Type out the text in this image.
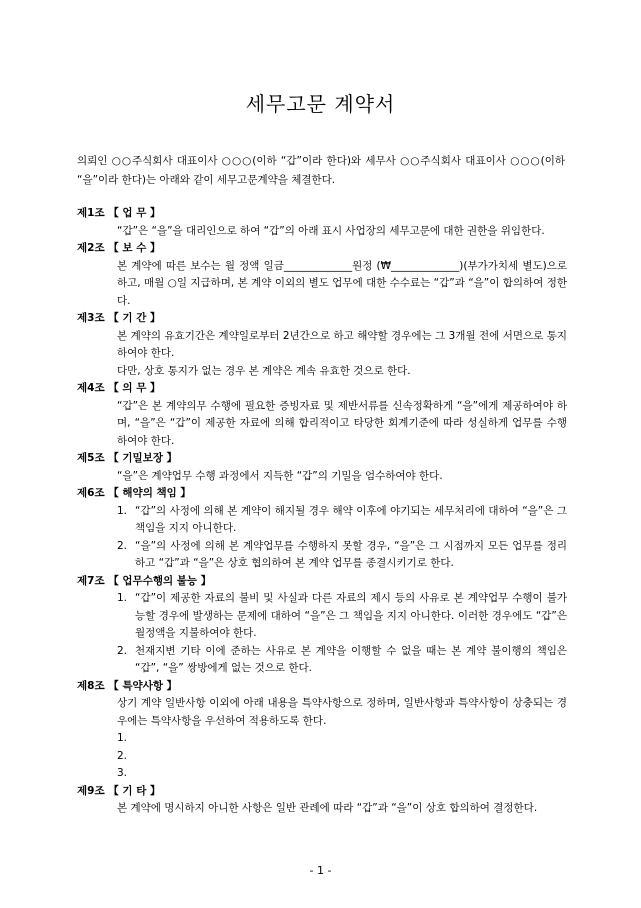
세무고문 계약서
의뢰인 ○○주식회사 대표이사 ○○○(이하 “갑”이라 한다)와 세무사 ○○주식회사 대표이사 ○○○(이하 “을”이라 한다)는 아래와 같이 세무고문계약을 체결한다.
제1조 【 업 무 】

“갑”은 “을”을 대리인으로 하여 “갑”의 아래 표시 사업장의 세무고문에 대한 권한을 위임한다.

제2조 【 보 수 】

본 계약에 따른 보수는 월 정액 일금_____________원정 (₩_____________)(부가가치세 별도)으로 하고, 매월 ○일 지급하며, 본 계약 이외의 별도 업무에 대한 수수료는 “갑”과 “을”이 합의하여 정한다.

제3조 【 기 간 】

본 계약의 유효기간은 계약일로부터 2년간으로 하고 해약할 경우에는 그 3개월 전에 서면으로 통지하여야 한다.

다만, 상호 통지가 없는 경우 본 계약은 계속 유효한 것으로 한다.

제4조 【 의 무 】

“갑”은 본 계약의무 수행에 필요한 증빙자료 및 제반서류를 신속정확하게 “을”에게 제공하여야 하며, “을”은 “갑”이 제공한 자료에 의해 합리적이고 타당한 회계기준에 따라 성실하게 업무를 수행하여야 한다.

제5조 【 기밀보장 】

“을”은 계약업무 수행 과정에서 지득한 “갑”의 기밀을 엄수하여야 한다.

제6조 【 해약의 책임 】
1. “갑”의 사정에 의해 본 계약이 해지될 경우 해약 이후에 야기되는 세무처리에 대하여 “을”은 그 책임을 지지 아니한다.
2. “을”의 사정에 의해 본 계약업무를 수행하지 못할 경우, “을”은 그 시점까지 모든 업무를 정리하고 “갑”과 “을”은 상호 협의하여 본 계약 업무를 종결시키기로 한다.
제7조 【 업무수행의 불능 】
1. “갑”이 제공한 자료의 불비 및 사실과 다른 자료의 제시 등의 사유로 본 계약업무 수행이 불가능할 경우에 발생하는 문제에 대하여 “을”은 그 책임을 지지 아니한다. 이러한 경우에도 “갑”은 월정액을 지불하여야 한다.
2. 천재지변 기타 이에 준하는 사유로 본 계약을 이행할 수 없을 때는 본 계약 불이행의 책임은 “갑”, “을” 쌍방에게 없는 것으로 한다.
제8조 【 특약사항 】

상기 계약 일반사항 이외에 아래 내용을 특약사항으로 정하며, 일반사항과 특약사항이 상충되는 경우에는 특약사항을 우선하여 적용하도록 한다.

1.
2.
3.
제9조 【 기 타 】

본 계약에 명시하지 아니한 사항은 일반 관례에 따라 “갑”과 “을”이 상호 합의하여 결정한다.

- 1 -
